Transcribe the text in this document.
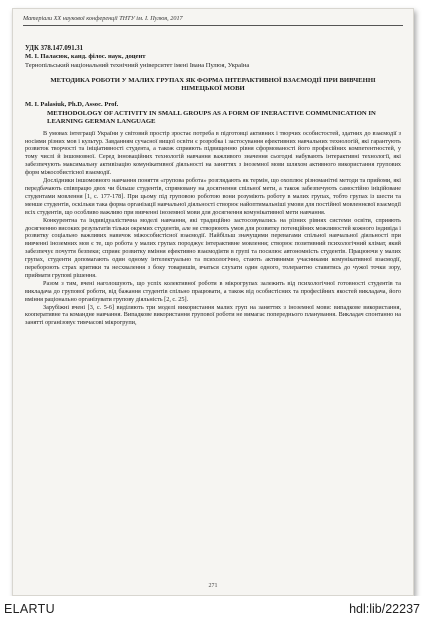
Матеріали XX наукової конференції ТНТУ ім. І. Пулюя, 2017
УДК 378.147.091.31
М. І. Паласюк, канд. філос. наук, доцент
Тернопільський національний технічний університет імені Івана Пулюя, Україна
МЕТОДИКА РОБОТИ У МАЛИХ ГРУПАХ ЯК ФОРМА ІНТЕРАКТИВНОЇ ВЗАЄМОДІЇ ПРИ ВИВЧЕННІ НІМЕЦЬКОЇ МОВИ
M. I. Palasiuk, Ph.D, Assoc. Prof.
METHODOLOGY OF ACTIVITY IN SMALL GROUPS AS A FORM OF INERACTIVE COMMUNICATION IN LEARNING GERMAN LANGUAGE

В умовах інтеграції України у світовий простір зростає потреба в підготовці активних і творчих особистостей, здатних до взаємодії з носіями різних мов і культур. Завданням сучасної вищої освіти є розробка і застосування ефективних навчальних технологій, які гарантують розвиток творчості та ініціативності студента, а також сприяють підвищенню рівня сформованості його професійних компетентностей, у тому числі й іншомовної. Серед інноваційних технологій навчання важливого значення сьогодні набувають інтерактивні технології, які забезпечують максимальну активізацію комунікативної діяльності на заняттях з іноземної мови шляхом активного використання групових форм міжособистісної взаємодії.

Дослідники іншомовного навчання поняття «групова робота» розглядають як термін, що охоплює різноманітні методи та прийоми, які передбачають співпрацю двох чи більше студентів, спрямовану на досягнення спільної мети, а також забезпечують самостійно ініційоване студентами мовлення [1, с. 177-178]. При цьому під груповою роботою вони розуміють роботу в малих групах, тобто групах із шести та менше студентів, оскільки така форма організації навчальної діяльності створює найоптимальніші умови для постійної мовленнєвої взаємодії всіх студентів, що особливо важливо при вивченні іноземної мови для досягнення комунікативної мети навчання.

Конкурентна та індивідуалістична моделі навчання, які традиційно застосовувались на різних рівнях системи освіти, сприяють досягненню високих результатів тільки окремих студентів, але не створюють умов для розвитку потенційних можливостей кожного індивіда і розвитку соціально важливих навичок міжособистісної взаємодії. Найбільш значущими перевагами спільної навчальної діяльності при вивченні іноземних мов є те, що робота у малих групах породжує інтерактивне мовлення; створює позитивний психологічний клімат, який забезпечує почуття безпеки; сприяє розвитку вміння ефективно взаємодіяти в групі та посилює автономність студентів. Працюючи у малих групах, студенти допомагають один одному інтелектуально та психологічно, стають активними учасниками комунікативної взаємодії, перебороють страх критики та несхвалення з боку товаришів, вчаться слухати один одного, толерантно ставитись до чужої точки зору, приймати групові рішення.

Разом з тим, вчені наголошують, що успіх колективної роботи в мікрогрупах залежить від психологічної готовності студентів та викладача до групової роботи, від бажання студентів спільно працювати, а також від особистісних та професійних якостей викладача, його вміння раціонально організувати групову діяльність [2, с. 25].

Зарубіжні вчені [3, с. 5-6] виділяють три моделі використання малих груп на заняттях з іноземної мови: випадкове використання, кооперативне та командне навчання. Випадкове використання групової роботи не вимагає попереднього планування. Викладач спонтанно на занятті організовує тимчасові мікрогрупи,

271
ELARTU	hdl:lib/22237
